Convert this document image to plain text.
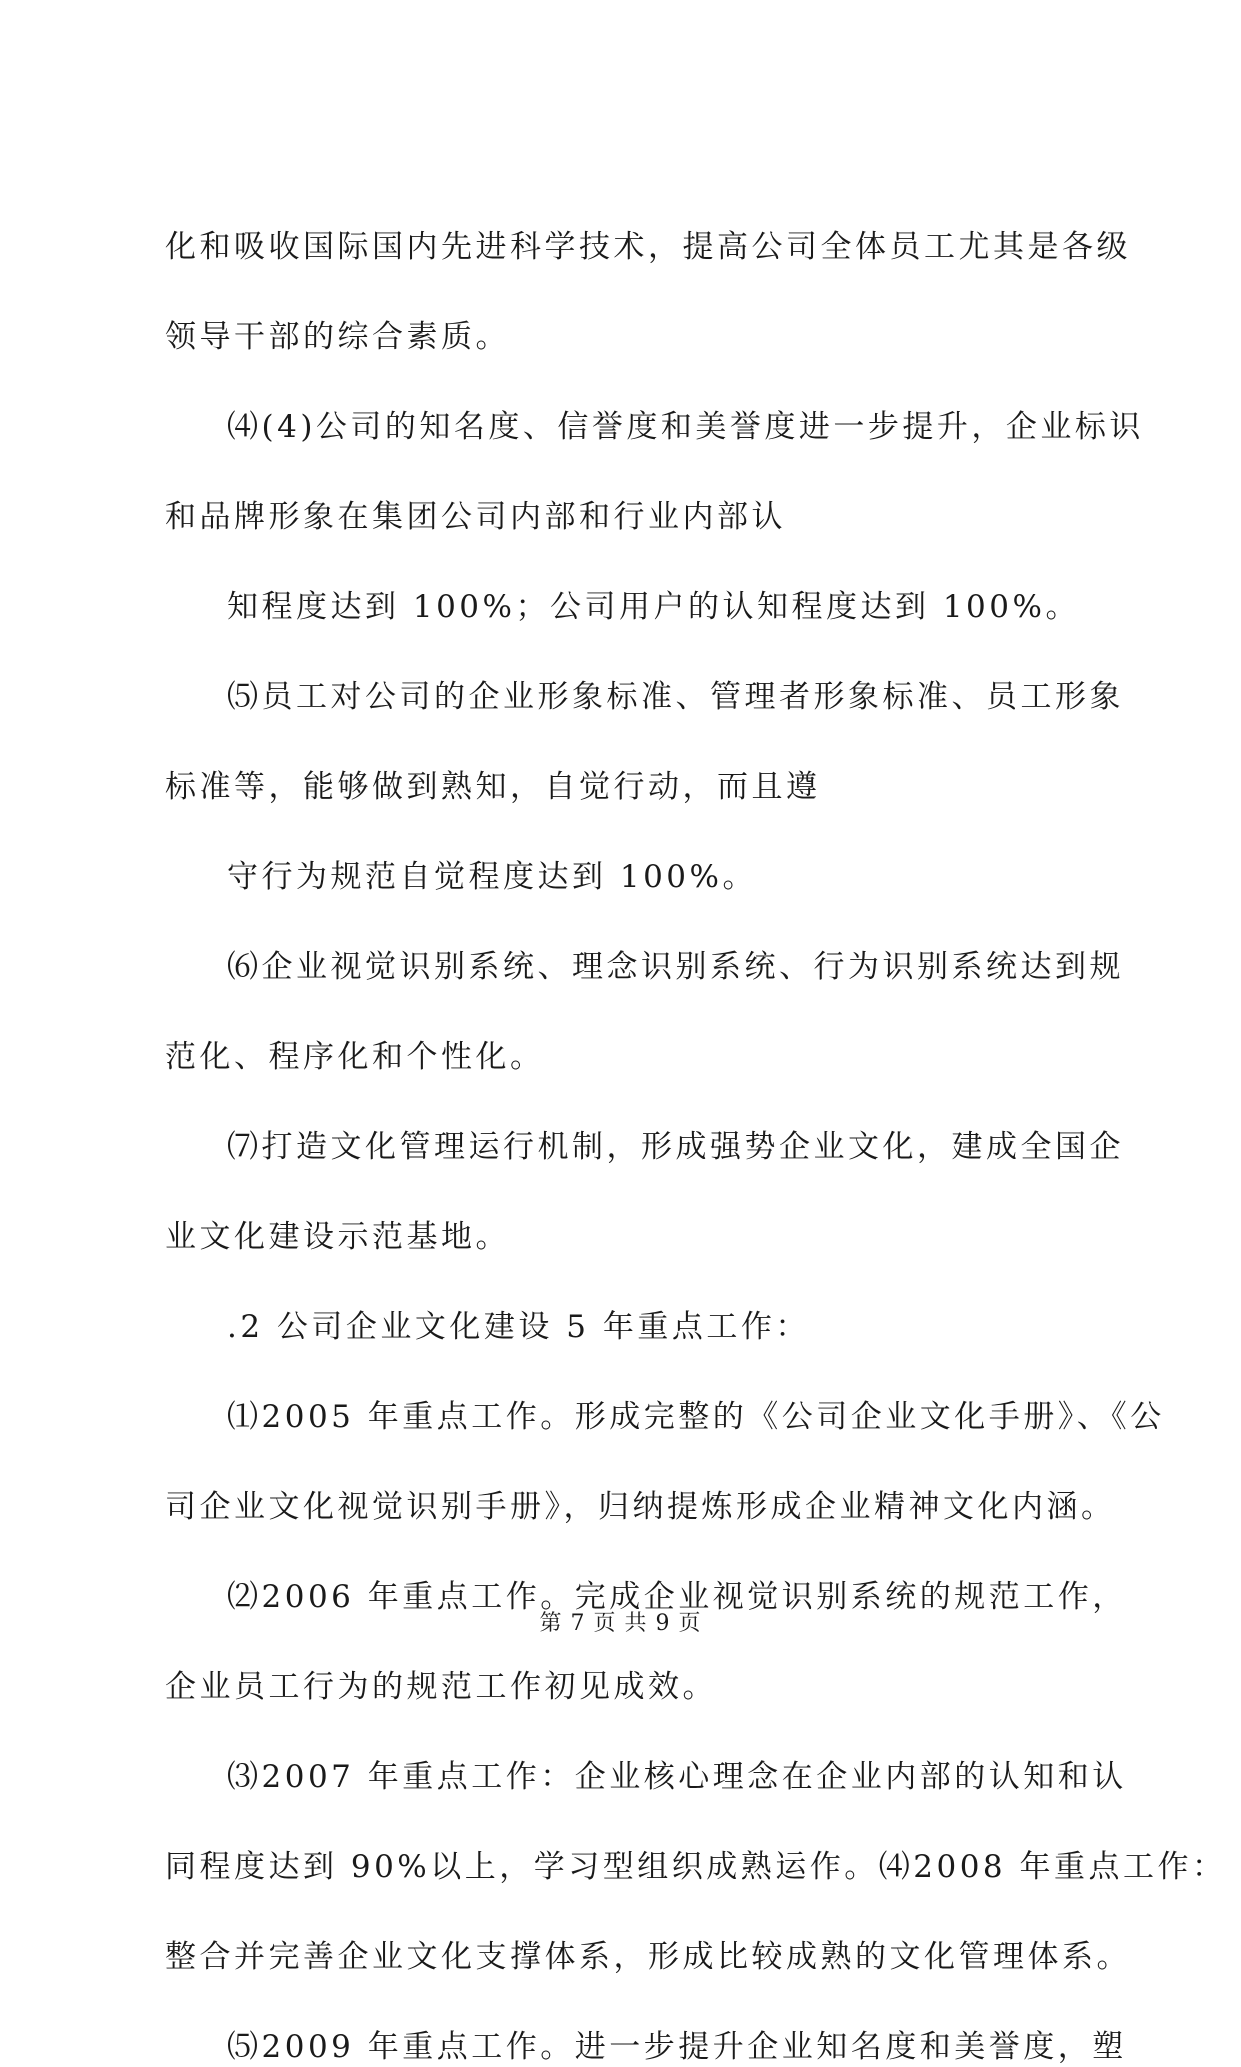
化和吸收国际国内先进科学技术，提高公司全体员工尤其是各级

领导干部的综合素质。

⑷(4)公司的知名度、信誉度和美誉度进一步提升，企业标识

和品牌形象在集团公司内部和行业内部认

知程度达到 100%；公司用户的认知程度达到 100%。

⑸员工对公司的企业形象标准、管理者形象标准、员工形象

标准等，能够做到熟知，自觉行动，而且遵

守行为规范自觉程度达到 100%。

⑹企业视觉识别系统、理念识别系统、行为识别系统达到规

范化、程序化和个性化。

⑺打造文化管理运行机制，形成强势企业文化，建成全国企

业文化建设示范基地。

.2 公司企业文化建设 5 年重点工作：

⑴2005 年重点工作。形成完整的《公司企业文化手册》、《公

司企业文化视觉识别手册》，归纳提炼形成企业精神文化内涵。

⑵2006 年重点工作。完成企业视觉识别系统的规范工作，

企业员工行为的规范工作初见成效。

⑶2007 年重点工作：企业核心理念在企业内部的认知和认

同程度达到 90%以上，学习型组织成熟运作。⑷2008 年重点工作：

整合并完善企业文化支撑体系，形成比较成熟的文化管理体系。

⑸2009 年重点工作。进一步提升企业知名度和美誉度，塑

第 7 页 共 9 页
